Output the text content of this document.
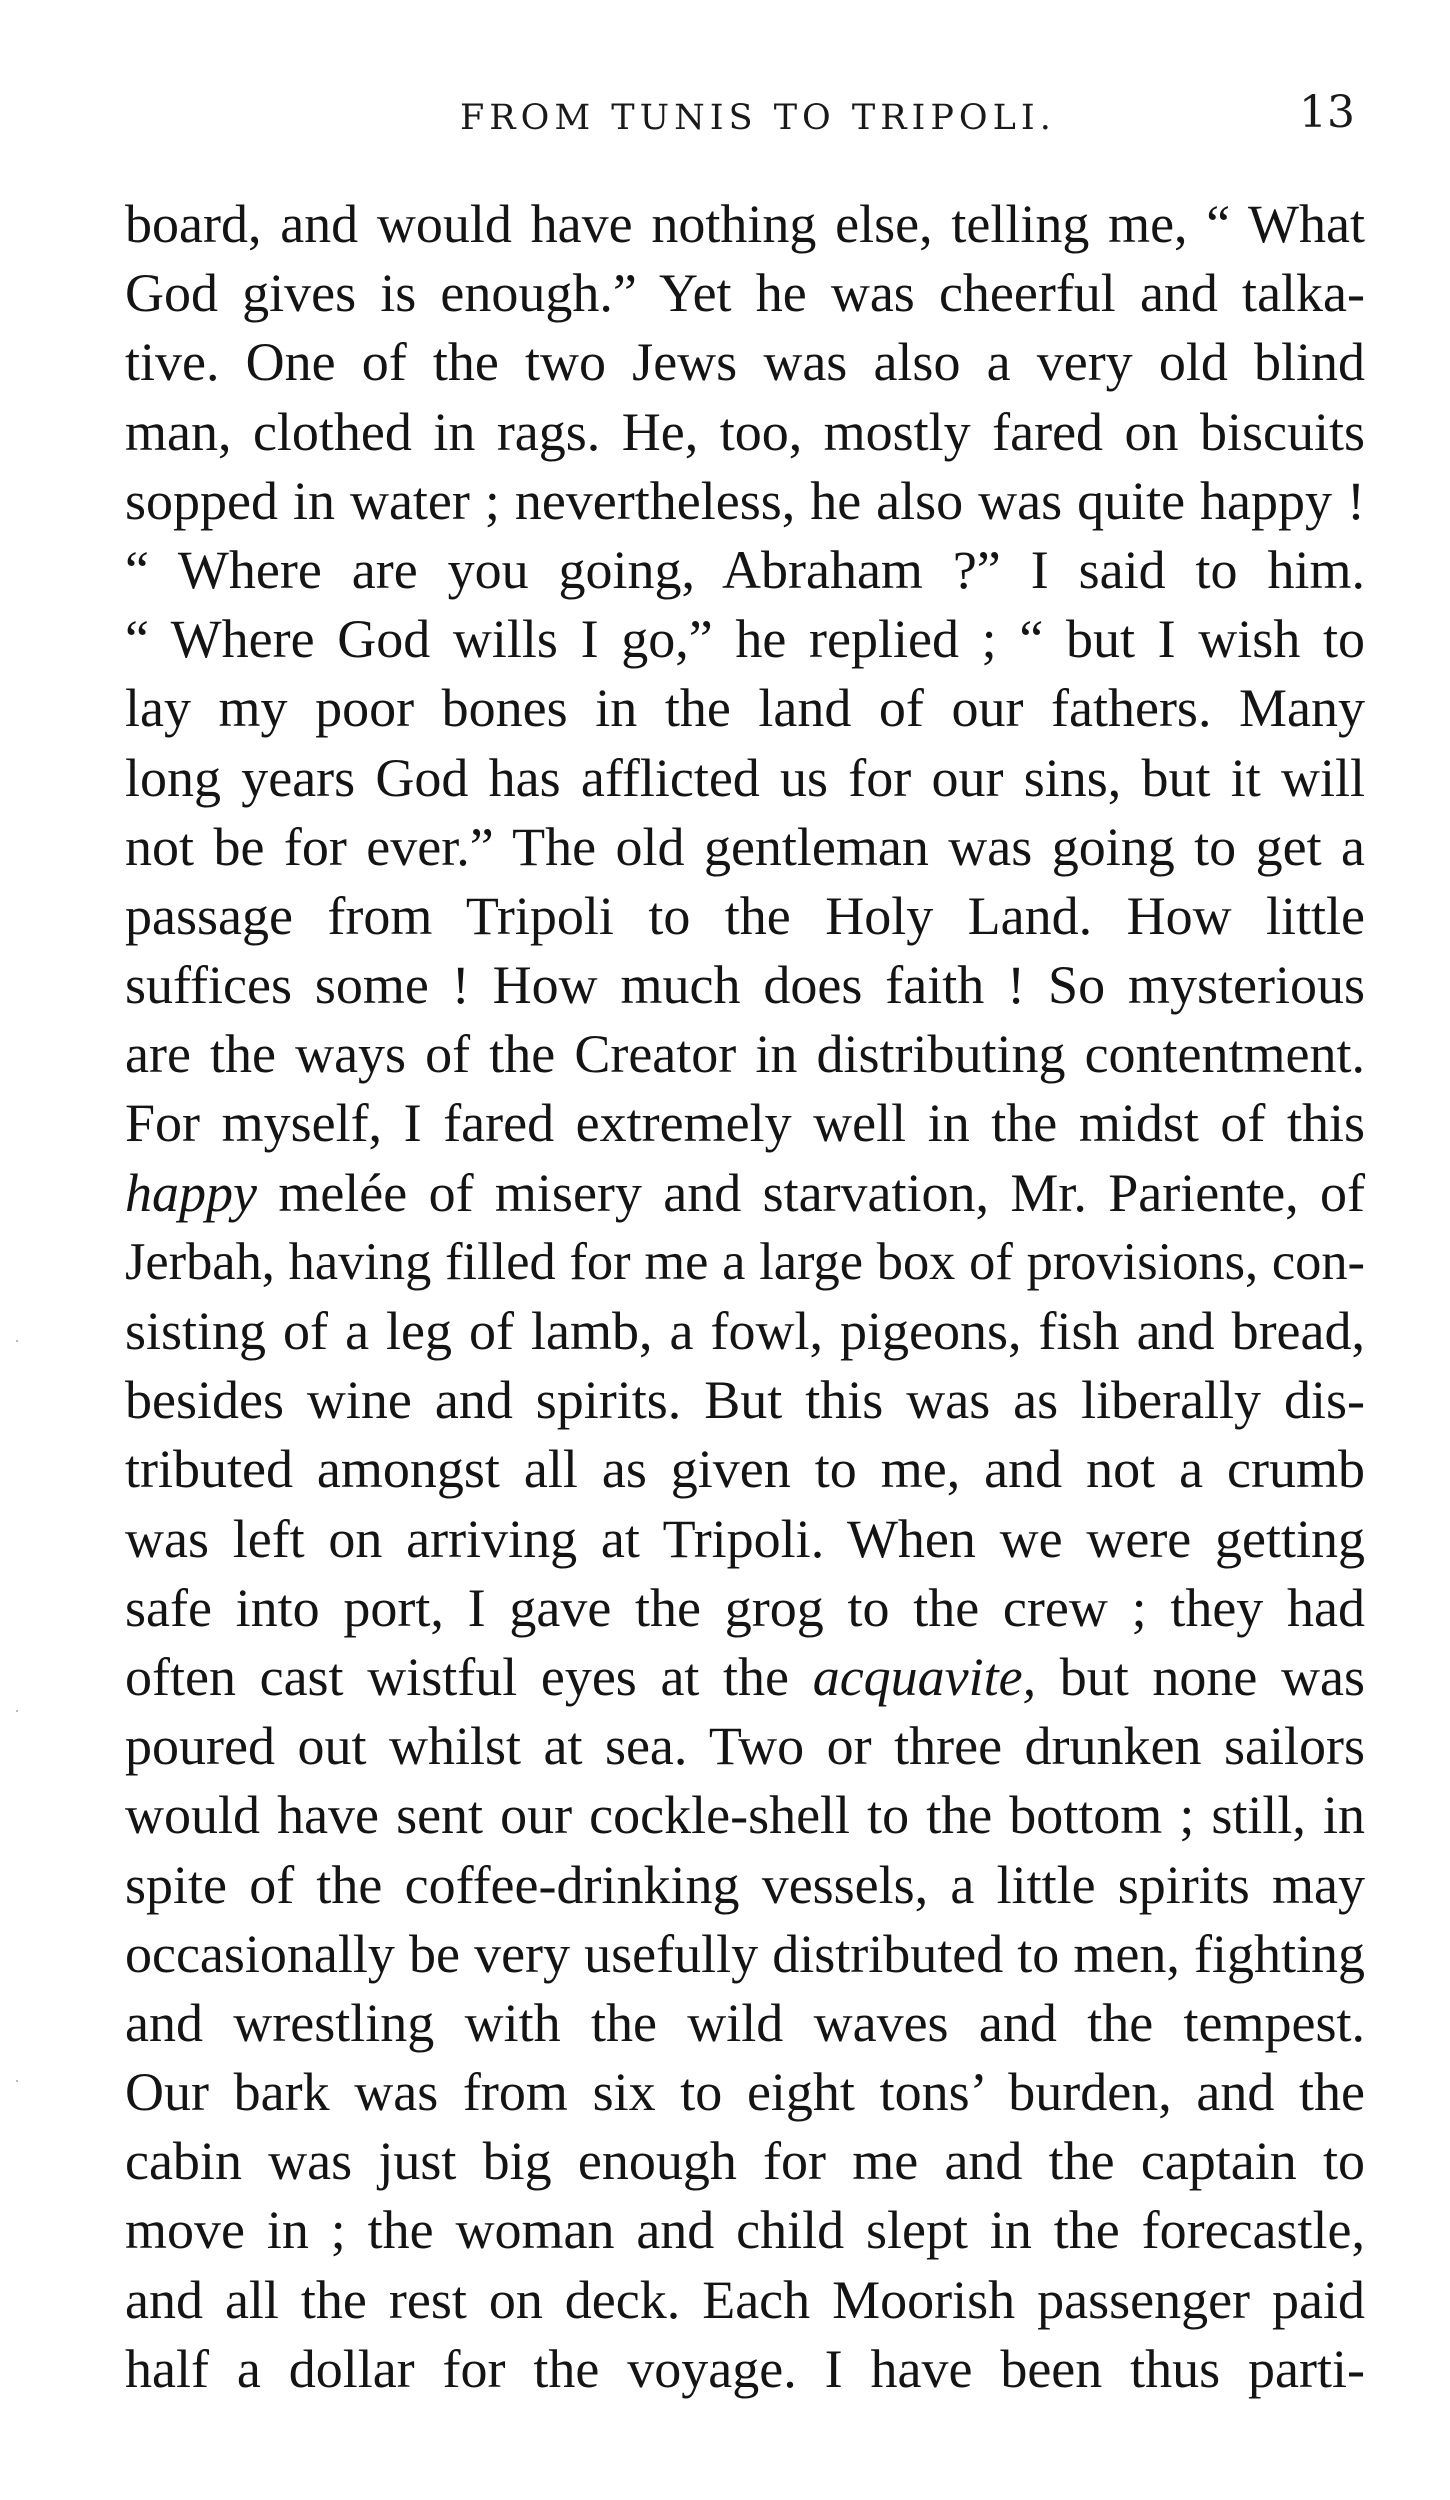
FROM TUNIS TO TRIPOLI.	13
board, and would have nothing else, telling me, “ What
God gives is enough.” Yet he was cheerful and talka-
tive. One of the two Jews was also a very old blind
man, clothed in rags. He, too, mostly fared on biscuits
sopped in water ; nevertheless, he also was quite happy !
“ Where are you going, Abraham ?” I said to him.
“ Where God wills I go,” he replied ; “ but I wish to
lay my poor bones in the land of our fathers. Many
long years God has afflicted us for our sins, but it will
not be for ever.” The old gentleman was going to get a
passage from Tripoli to the Holy Land. How little
suffices some ! How much does faith ! So mysterious
are the ways of the Creator in distributing contentment.
For myself, I fared extremely well in the midst of this
happy melée of misery and starvation, Mr. Pariente, of
Jerbah, having filled for me a large box of provisions, con-
sisting of a leg of lamb, a fowl, pigeons, fish and bread,
besides wine and spirits. But this was as liberally dis-
tributed amongst all as given to me, and not a crumb
was left on arriving at Tripoli. When we were getting
safe into port, I gave the grog to the crew ; they had
often cast wistful eyes at the acquavite, but none was
poured out whilst at sea. Two or three drunken sailors
would have sent our cockle-shell to the bottom ; still, in
spite of the coffee-drinking vessels, a little spirits may
occasionally be very usefully distributed to men, fighting
and wrestling with the wild waves and the tempest.
Our bark was from six to eight tons’ burden, and the
cabin was just big enough for me and the captain to
move in ; the woman and child slept in the forecastle,
and all the rest on deck. Each Moorish passenger paid
half a dollar for the voyage. I have been thus parti-
